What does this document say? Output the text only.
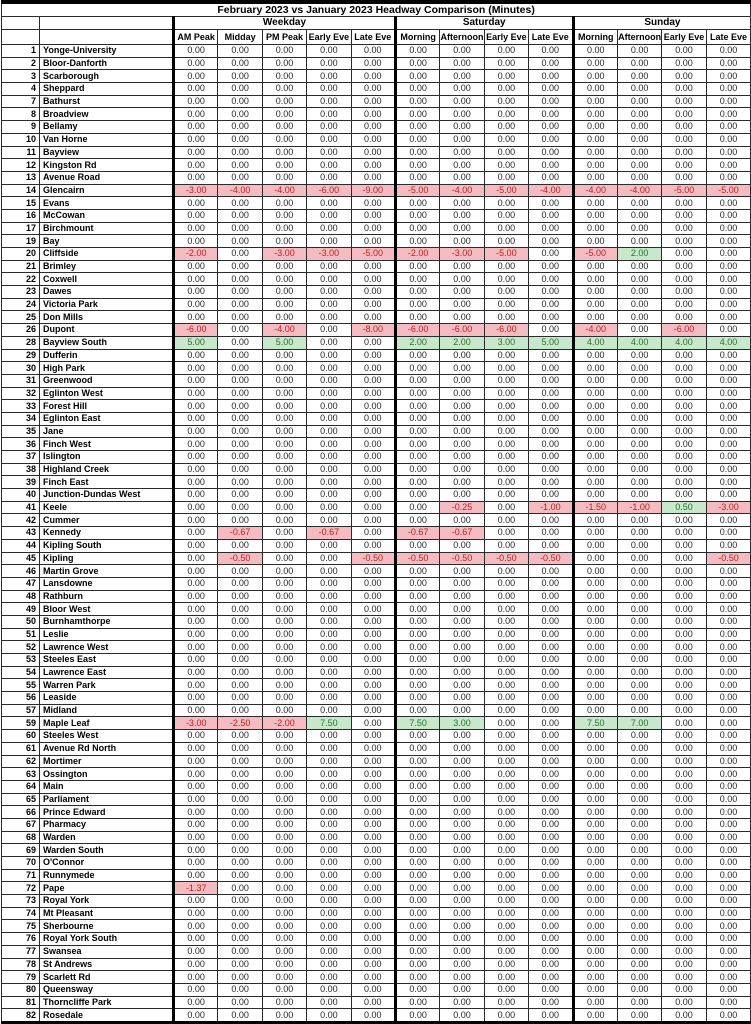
February 2023 vs January 2023 Headway Comparison (Minutes)														
		Weekday					Saturday				Sunday			
		AM Peak	Midday	PM Peak	Early Eve	Late Eve	Morning	Afternoon	Early Eve	Late Eve	Morning	Afternoon	Early Eve	Late Eve
1	Yonge-University	0.00	0.00	0.00	0.00	0.00	0.00	0.00	0.00	0.00	0.00	0.00	0.00	0.00
2	Bloor-Danforth	0.00	0.00	0.00	0.00	0.00	0.00	0.00	0.00	0.00	0.00	0.00	0.00	0.00
3	Scarborough	0.00	0.00	0.00	0.00	0.00	0.00	0.00	0.00	0.00	0.00	0.00	0.00	0.00
4	Sheppard	0.00	0.00	0.00	0.00	0.00	0.00	0.00	0.00	0.00	0.00	0.00	0.00	0.00
7	Bathurst	0.00	0.00	0.00	0.00	0.00	0.00	0.00	0.00	0.00	0.00	0.00	0.00	0.00
8	Broadview	0.00	0.00	0.00	0.00	0.00	0.00	0.00	0.00	0.00	0.00	0.00	0.00	0.00
9	Bellamy	0.00	0.00	0.00	0.00	0.00	0.00	0.00	0.00	0.00	0.00	0.00	0.00	0.00
10	Van Horne	0.00	0.00	0.00	0.00	0.00	0.00	0.00	0.00	0.00	0.00	0.00	0.00	0.00
11	Bayview	0.00	0.00	0.00	0.00	0.00	0.00	0.00	0.00	0.00	0.00	0.00	0.00	0.00
12	Kingston Rd	0.00	0.00	0.00	0.00	0.00	0.00	0.00	0.00	0.00	0.00	0.00	0.00	0.00
13	Avenue Road	0.00	0.00	0.00	0.00	0.00	0.00	0.00	0.00	0.00	0.00	0.00	0.00	0.00
14	Glencairn	-3.00	-4.00	-4.00	-6.00	-9.00	-5.00	-4.00	-5.00	-4.00	-4.00	-4.00	-5.00	-5.00
15	Evans	0.00	0.00	0.00	0.00	0.00	0.00	0.00	0.00	0.00	0.00	0.00	0.00	0.00
16	McCowan	0.00	0.00	0.00	0.00	0.00	0.00	0.00	0.00	0.00	0.00	0.00	0.00	0.00
17	Birchmount	0.00	0.00	0.00	0.00	0.00	0.00	0.00	0.00	0.00	0.00	0.00	0.00	0.00
19	Bay	0.00	0.00	0.00	0.00	0.00	0.00	0.00	0.00	0.00	0.00	0.00	0.00	0.00
20	Cliffside	-2.00	0.00	-3.00	-3.00	-5.00	-2.00	-3.00	-5.00	0.00	-5.00	2.00	0.00	0.00
21	Brimley	0.00	0.00	0.00	0.00	0.00	0.00	0.00	0.00	0.00	0.00	0.00	0.00	0.00
22	Coxwell	0.00	0.00	0.00	0.00	0.00	0.00	0.00	0.00	0.00	0.00	0.00	0.00	0.00
23	Dawes	0.00	0.00	0.00	0.00	0.00	0.00	0.00	0.00	0.00	0.00	0.00	0.00	0.00
24	Victoria Park	0.00	0.00	0.00	0.00	0.00	0.00	0.00	0.00	0.00	0.00	0.00	0.00	0.00
25	Don Mills	0.00	0.00	0.00	0.00	0.00	0.00	0.00	0.00	0.00	0.00	0.00	0.00	0.00
26	Dupont	-6.00	0.00	-4.00	0.00	-8.00	-6.00	-6.00	-6.00	0.00	-4.00	0.00	-6.00	0.00
28	Bayview South	5.00	0.00	5.00	0.00	0.00	2.00	2.00	3.00	5.00	4.00	4.00	4.00	4.00
29	Dufferin	0.00	0.00	0.00	0.00	0.00	0.00	0.00	0.00	0.00	0.00	0.00	0.00	0.00
30	High Park	0.00	0.00	0.00	0.00	0.00	0.00	0.00	0.00	0.00	0.00	0.00	0.00	0.00
31	Greenwood	0.00	0.00	0.00	0.00	0.00	0.00	0.00	0.00	0.00	0.00	0.00	0.00	0.00
32	Eglinton West	0.00	0.00	0.00	0.00	0.00	0.00	0.00	0.00	0.00	0.00	0.00	0.00	0.00
33	Forest Hill	0.00	0.00	0.00	0.00	0.00	0.00	0.00	0.00	0.00	0.00	0.00	0.00	0.00
34	Eglinton East	0.00	0.00	0.00	0.00	0.00	0.00	0.00	0.00	0.00	0.00	0.00	0.00	0.00
35	Jane	0.00	0.00	0.00	0.00	0.00	0.00	0.00	0.00	0.00	0.00	0.00	0.00	0.00
36	Finch West	0.00	0.00	0.00	0.00	0.00	0.00	0.00	0.00	0.00	0.00	0.00	0.00	0.00
37	Islington	0.00	0.00	0.00	0.00	0.00	0.00	0.00	0.00	0.00	0.00	0.00	0.00	0.00
38	Highland Creek	0.00	0.00	0.00	0.00	0.00	0.00	0.00	0.00	0.00	0.00	0.00	0.00	0.00
39	Finch East	0.00	0.00	0.00	0.00	0.00	0.00	0.00	0.00	0.00	0.00	0.00	0.00	0.00
40	Junction-Dundas West	0.00	0.00	0.00	0.00	0.00	0.00	0.00	0.00	0.00	0.00	0.00	0.00	0.00
41	Keele	0.00	0.00	0.00	0.00	0.00	0.00	-0.25	0.00	-1.00	-1.50	-1.00	0.50	-3.00
42	Cummer	0.00	0.00	0.00	0.00	0.00	0.00	0.00	0.00	0.00	0.00	0.00	0.00	0.00
43	Kennedy	0.00	-0.67	0.00	-0.67	0.00	-0.67	-0.67	0.00	0.00	0.00	0.00	0.00	0.00
44	Kipling South	0.00	0.00	0.00	0.00	0.00	0.00	0.00	0.00	0.00	0.00	0.00	0.00	0.00
45	Kipling	0.00	-0.50	0.00	0.00	-0.50	-0.50	-0.50	-0.50	-0.50	0.00	0.00	0.00	-0.50
46	Martin Grove	0.00	0.00	0.00	0.00	0.00	0.00	0.00	0.00	0.00	0.00	0.00	0.00	0.00
47	Lansdowne	0.00	0.00	0.00	0.00	0.00	0.00	0.00	0.00	0.00	0.00	0.00	0.00	0.00
48	Rathburn	0.00	0.00	0.00	0.00	0.00	0.00	0.00	0.00	0.00	0.00	0.00	0.00	0.00
49	Bloor West	0.00	0.00	0.00	0.00	0.00	0.00	0.00	0.00	0.00	0.00	0.00	0.00	0.00
50	Burnhamthorpe	0.00	0.00	0.00	0.00	0.00	0.00	0.00	0.00	0.00	0.00	0.00	0.00	0.00
51	Leslie	0.00	0.00	0.00	0.00	0.00	0.00	0.00	0.00	0.00	0.00	0.00	0.00	0.00
52	Lawrence West	0.00	0.00	0.00	0.00	0.00	0.00	0.00	0.00	0.00	0.00	0.00	0.00	0.00
53	Steeles East	0.00	0.00	0.00	0.00	0.00	0.00	0.00	0.00	0.00	0.00	0.00	0.00	0.00
54	Lawrence East	0.00	0.00	0.00	0.00	0.00	0.00	0.00	0.00	0.00	0.00	0.00	0.00	0.00
55	Warren Park	0.00	0.00	0.00	0.00	0.00	0.00	0.00	0.00	0.00	0.00	0.00	0.00	0.00
56	Leaside	0.00	0.00	0.00	0.00	0.00	0.00	0.00	0.00	0.00	0.00	0.00	0.00	0.00
57	Midland	0.00	0.00	0.00	0.00	0.00	0.00	0.00	0.00	0.00	0.00	0.00	0.00	0.00
59	Maple Leaf	-3.00	-2.50	-2.00	7.50	0.00	7.50	3.00	0.00	0.00	7.50	7.00	0.00	0.00
60	Steeles West	0.00	0.00	0.00	0.00	0.00	0.00	0.00	0.00	0.00	0.00	0.00	0.00	0.00
61	Avenue Rd North	0.00	0.00	0.00	0.00	0.00	0.00	0.00	0.00	0.00	0.00	0.00	0.00	0.00
62	Mortimer	0.00	0.00	0.00	0.00	0.00	0.00	0.00	0.00	0.00	0.00	0.00	0.00	0.00
63	Ossington	0.00	0.00	0.00	0.00	0.00	0.00	0.00	0.00	0.00	0.00	0.00	0.00	0.00
64	Main	0.00	0.00	0.00	0.00	0.00	0.00	0.00	0.00	0.00	0.00	0.00	0.00	0.00
65	Parliament	0.00	0.00	0.00	0.00	0.00	0.00	0.00	0.00	0.00	0.00	0.00	0.00	0.00
66	Prince Edward	0.00	0.00	0.00	0.00	0.00	0.00	0.00	0.00	0.00	0.00	0.00	0.00	0.00
67	Pharmacy	0.00	0.00	0.00	0.00	0.00	0.00	0.00	0.00	0.00	0.00	0.00	0.00	0.00
68	Warden	0.00	0.00	0.00	0.00	0.00	0.00	0.00	0.00	0.00	0.00	0.00	0.00	0.00
69	Warden South	0.00	0.00	0.00	0.00	0.00	0.00	0.00	0.00	0.00	0.00	0.00	0.00	0.00
70	O'Connor	0.00	0.00	0.00	0.00	0.00	0.00	0.00	0.00	0.00	0.00	0.00	0.00	0.00
71	Runnymede	0.00	0.00	0.00	0.00	0.00	0.00	0.00	0.00	0.00	0.00	0.00	0.00	0.00
72	Pape	-1.37	0.00	0.00	0.00	0.00	0.00	0.00	0.00	0.00	0.00	0.00	0.00	0.00
73	Royal York	0.00	0.00	0.00	0.00	0.00	0.00	0.00	0.00	0.00	0.00	0.00	0.00	0.00
74	Mt Pleasant	0.00	0.00	0.00	0.00	0.00	0.00	0.00	0.00	0.00	0.00	0.00	0.00	0.00
75	Sherbourne	0.00	0.00	0.00	0.00	0.00	0.00	0.00	0.00	0.00	0.00	0.00	0.00	0.00
76	Royal York South	0.00	0.00	0.00	0.00	0.00	0.00	0.00	0.00	0.00	0.00	0.00	0.00	0.00
77	Swansea	0.00	0.00	0.00	0.00	0.00	0.00	0.00	0.00	0.00	0.00	0.00	0.00	0.00
78	St Andrews	0.00	0.00	0.00	0.00	0.00	0.00	0.00	0.00	0.00	0.00	0.00	0.00	0.00
79	Scarlett Rd	0.00	0.00	0.00	0.00	0.00	0.00	0.00	0.00	0.00	0.00	0.00	0.00	0.00
80	Queensway	0.00	0.00	0.00	0.00	0.00	0.00	0.00	0.00	0.00	0.00	0.00	0.00	0.00
81	Thorncliffe Park	0.00	0.00	0.00	0.00	0.00	0.00	0.00	0.00	0.00	0.00	0.00	0.00	0.00
82	Rosedale	0.00	0.00	0.00	0.00	0.00	0.00	0.00	0.00	0.00	0.00	0.00	0.00	0.00
